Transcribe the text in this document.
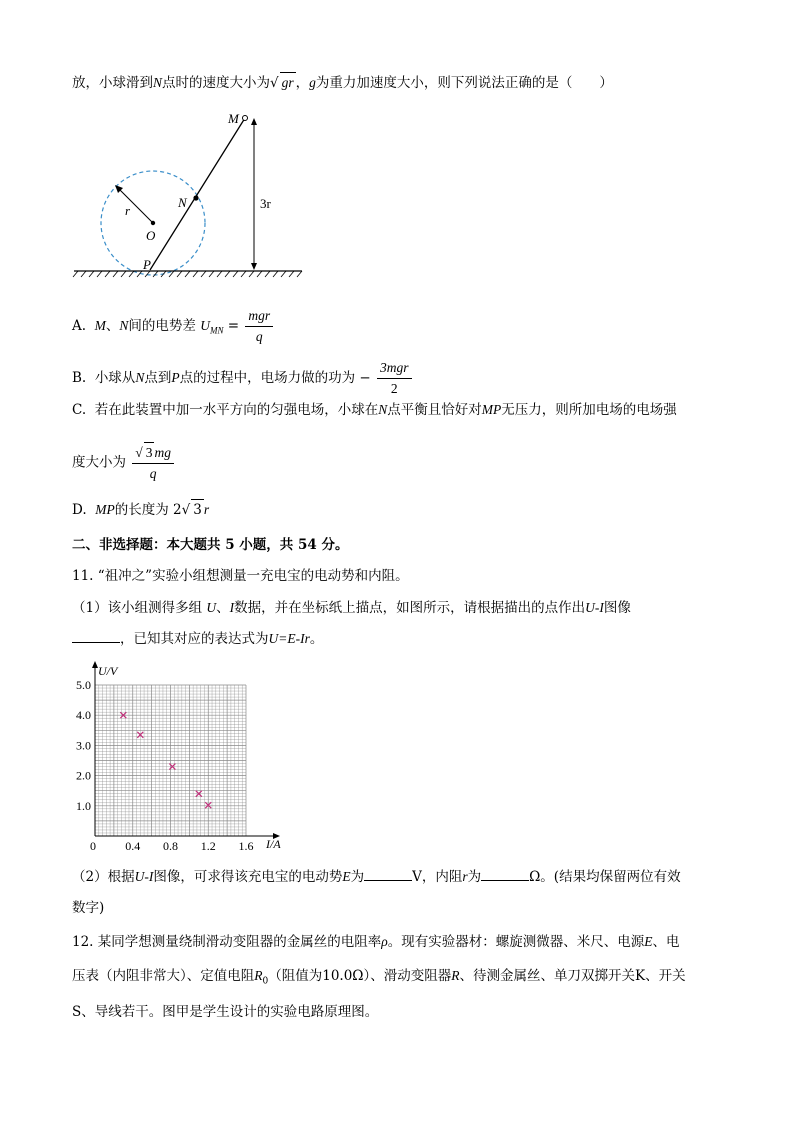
放，小球滑到N点时的速度大小为√ gr ，g为重力加速度大小，则下列说法正确的是（　　）
M
N
O
P
r	3r
A. M、N间的电势差 $U_{MN} = \frac{\text{mgr}}{q}$
B. 小球从N点到P点的过程中，电场力做的功为 − $\frac{\text{3mgr}}{2}$
C. 若在此装置中加一水平方向的匀强电场，小球在N点平衡且恰好对MP无压力，则所加电场的电场强
度大小为 $\frac{√ 3 mg}{q}$
D. MP的长度为 2√ 3 r
二、非选择题：本大题共 5 小题，共 54 分。
11. “祖冲之”实验小组想测量一充电宝的电动势和内阻。
（1）该小组测得多组 U、I数据，并在坐标纸上描点，如图所示，请根据描出的点作出U-I图像
，已知其对应的表达式为U=E-Ir。
0 0.4 0.8 1.2 1.6
1.0
2.0
3.0
4.0
5.0
U/V
I/A
（2）根据U-I图像，可求得该充电宝的电动势E为	V，内阻r为	Ω。(结果均保留两位有效
数字)
12. 某同学想测量绕制滑动变阻器的金属丝的电阻率ρ。现有实验器材：螺旋测微器、米尺、电源E、电
压表（内阻非常大）、定值电阻$R_0$（阻值为10.0Ω）、滑动变阻器R、待测金属丝、单刀双掷开关K、开关
S、导线若干。图甲是学生设计的实验电路原理图。
